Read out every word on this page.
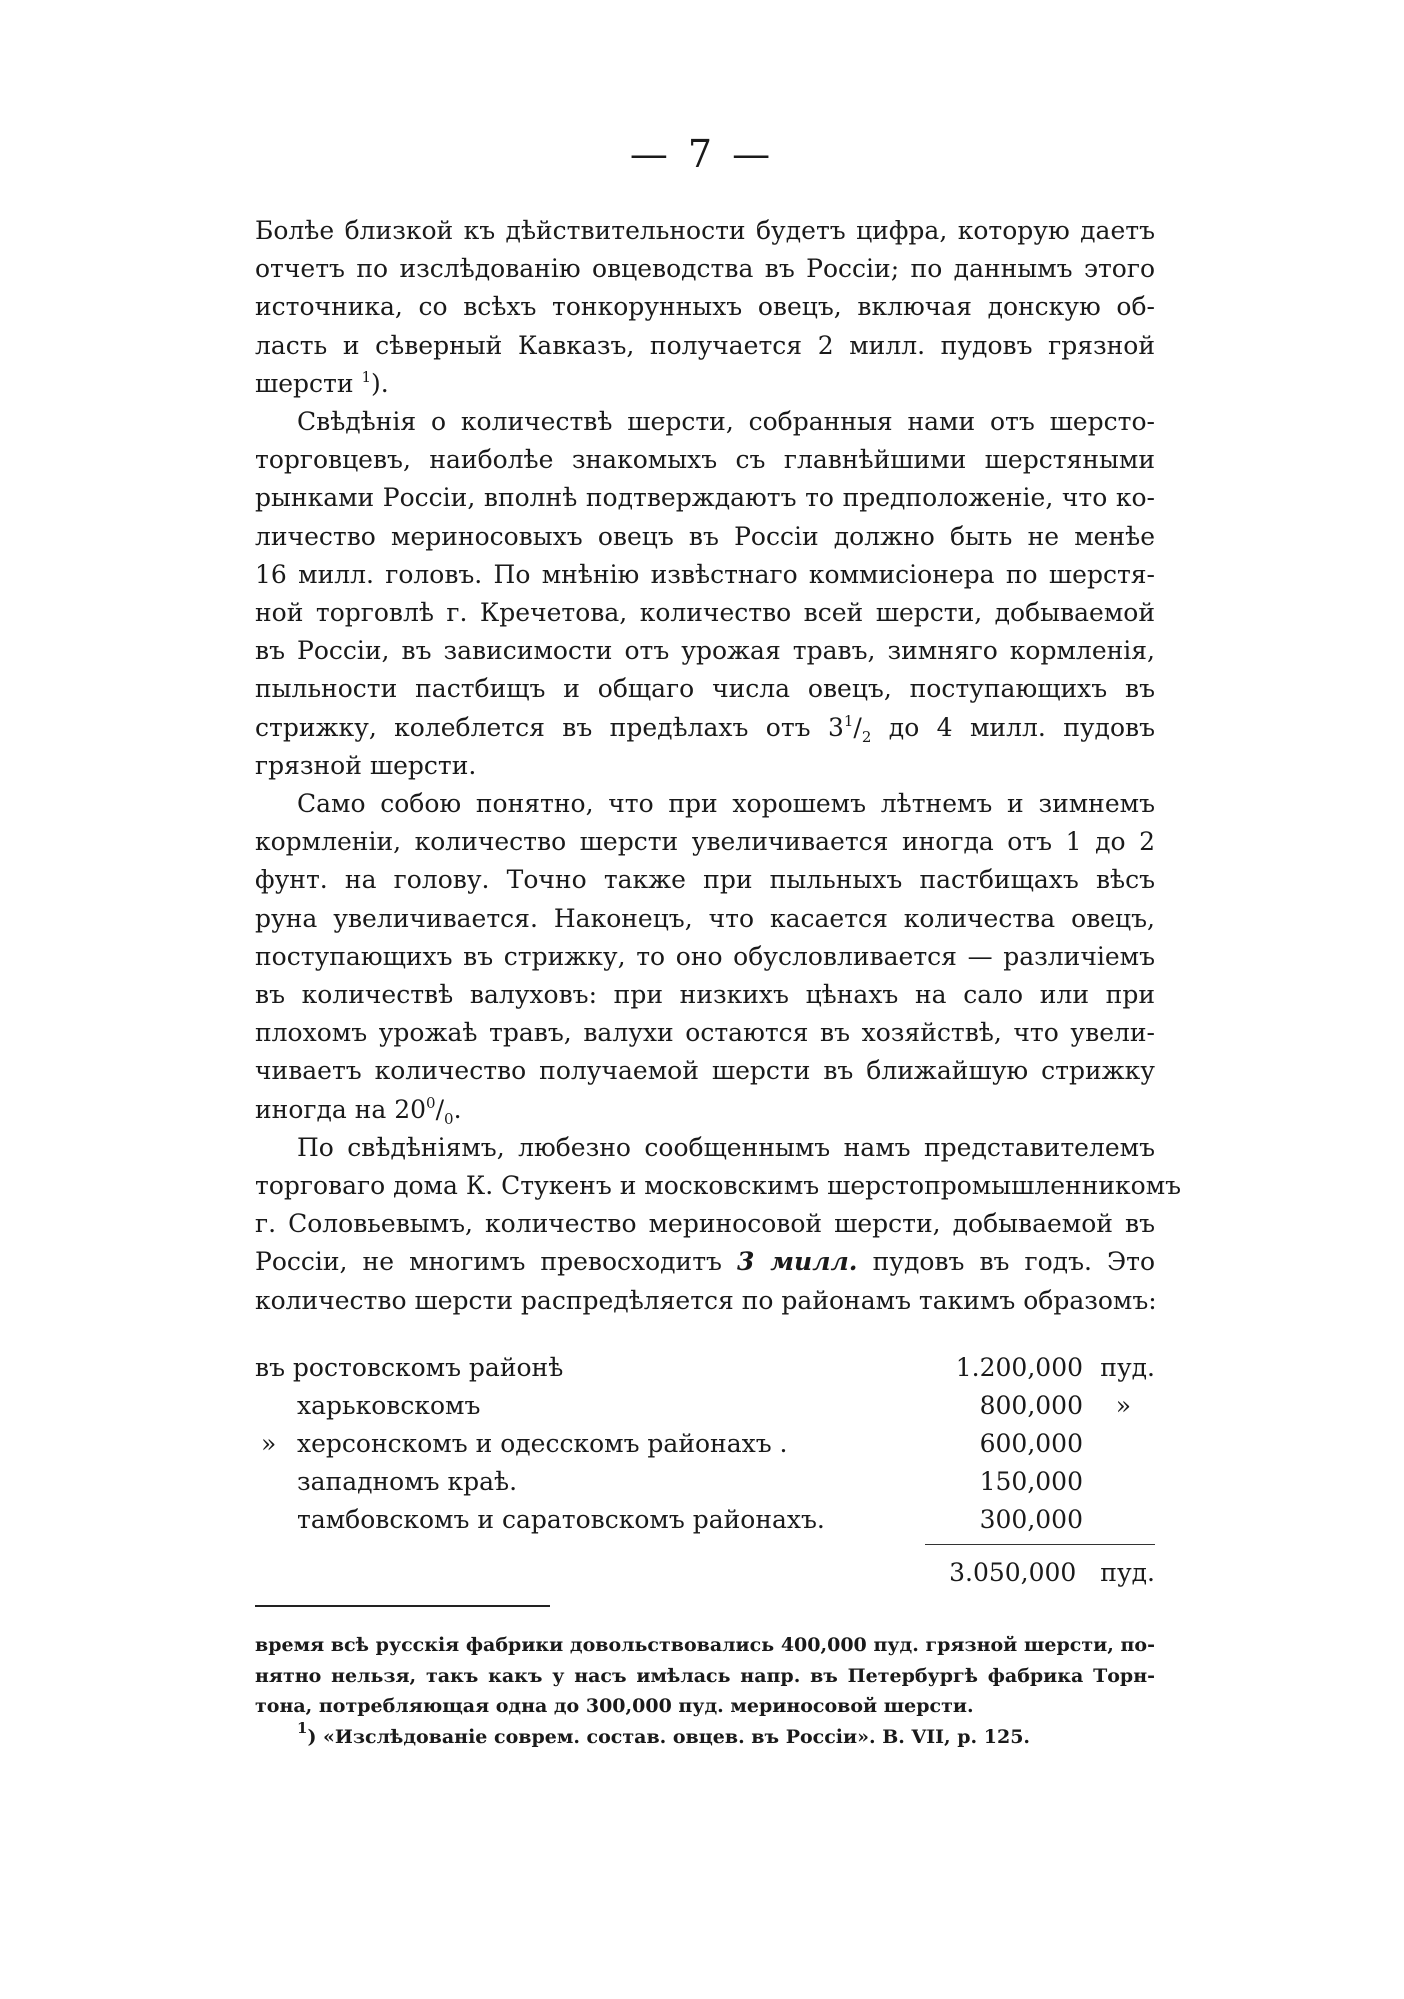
— 7 —
Болѣе близкой къ дѣйствительности будетъ цифра, которую даетъ
отчетъ по изслѣдованію овцеводства въ Россіи; по даннымъ этого
источника, со всѣхъ тонкорунныхъ овецъ, включая донскую об-
ласть и сѣверный Кавказъ, получается 2 милл. пудовъ грязной
шерсти $^1$).
Свѣдѣнія о количествѣ шерсти, собранныя нами отъ шерсто-
торговцевъ, наиболѣе знакомыхъ съ главнѣйшими шерстяными
рынками Россіи, вполнѣ подтверждаютъ то предположеніе, что ко-
личество мериносовыхъ овецъ въ Россіи должно быть не менѣе
16 милл. головъ. По мнѣнію извѣстнаго коммисіонера по шерстя-
ной торговлѣ г. Кречетова, количество всей шерсти, добываемой
въ Россіи, въ зависимости отъ урожая травъ, зимняго кормленія,
пыльности пастбищъ и общаго числа овецъ, поступающихъ въ
стрижку, колеблется въ предѣлахъ отъ $3^1/_2$ до 4 милл. пудовъ
грязной шерсти.
Само собою понятно, что при хорошемъ лѣтнемъ и зимнемъ
кормленіи, количество шерсти увеличивается иногда отъ 1 до 2
фунт. на голову. Точно также при пыльныхъ пастбищахъ вѣсъ
руна увеличивается. Наконецъ, что касается количества овецъ,
поступающихъ въ стрижку, то оно обусловливается — различіемъ
въ количествѣ валуховъ: при низкихъ цѣнахъ на сало или при
плохомъ урожаѣ травъ, валухи остаются въ хозяйствѣ, что увели-
чиваетъ количество получаемой шерсти въ ближайшую стрижку
иногда на $20^0/_0$.
По свѣдѣніямъ, любезно сообщеннымъ намъ представителемъ
торговаго дома К. Стукенъ и московскимъ шерстопромышленникомъ
г. Соловьевымъ, количество мериносовой шерсти, добываемой въ
Россіи, не многимъ превосходитъ 3 милл. пудовъ въ годъ. Это
количество шерсти распредѣляется по районамъ такимъ образомъ:
въ ростовскомъ районѣ	1.200,000 пуд.
харьковскомъ	800,000 »
» херсонскомъ и одесскомъ районахъ .	600,000
западномъ краѣ.	150,000
тамбовскомъ и саратовскомъ районахъ.	300,000
3.050,000 пуд.
время всѣ русскія фабрики довольствовались 400,000 пуд. грязной шерсти, по-
нятно нельзя, такъ какъ у насъ имѣлась напр. въ Петербургѣ фабрика Торн-
тона, потребляющая одна до 300,000 пуд. мериносовой шерсти.
$^1$) «Изслѣдованіе соврем. состав. овцев. въ Россіи». В. VII, р. 125.
